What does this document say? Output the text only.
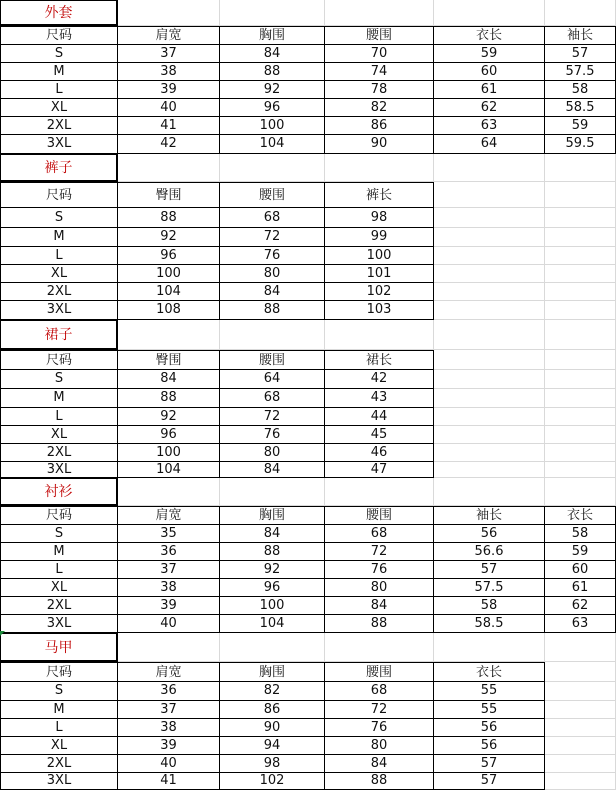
外套
尺码	肩宽	胸围	腰围	衣长	袖长
S	37	84	70	59	57
M	38	88	74	60	57.5
L	39	92	78	61	58
XL	40	96	82	62	58.5
2XL	41	100	86	63	59
3XL	42	104	90	64	59.5
裤子
尺码	臀围	腰围	裤长
S	88	68	98
M	92	72	99
L	96	76	100
XL	100	80	101
2XL	104	84	102
3XL	108	88	103
裙子
尺码	臀围	腰围	裙长
S	84	64	42
M	88	68	43
L	92	72	44
XL	96	76	45
2XL	100	80	46
3XL	104	84	47
衬衫
尺码	肩宽	胸围	腰围	袖长	衣长
S	35	84	68	56	58
M	36	88	72	56.6	59
L	37	92	76	57	60
XL	38	96	80	57.5	61
2XL	39	100	84	58	62
3XL	40	104	88	58.5	63
马甲
尺码	肩宽	胸围	腰围	衣长
S	36	82	68	55
M	37	86	72	55
L	38	90	76	56
XL	39	94	80	56
2XL	40	98	84	57
3XL	41	102	88	57
